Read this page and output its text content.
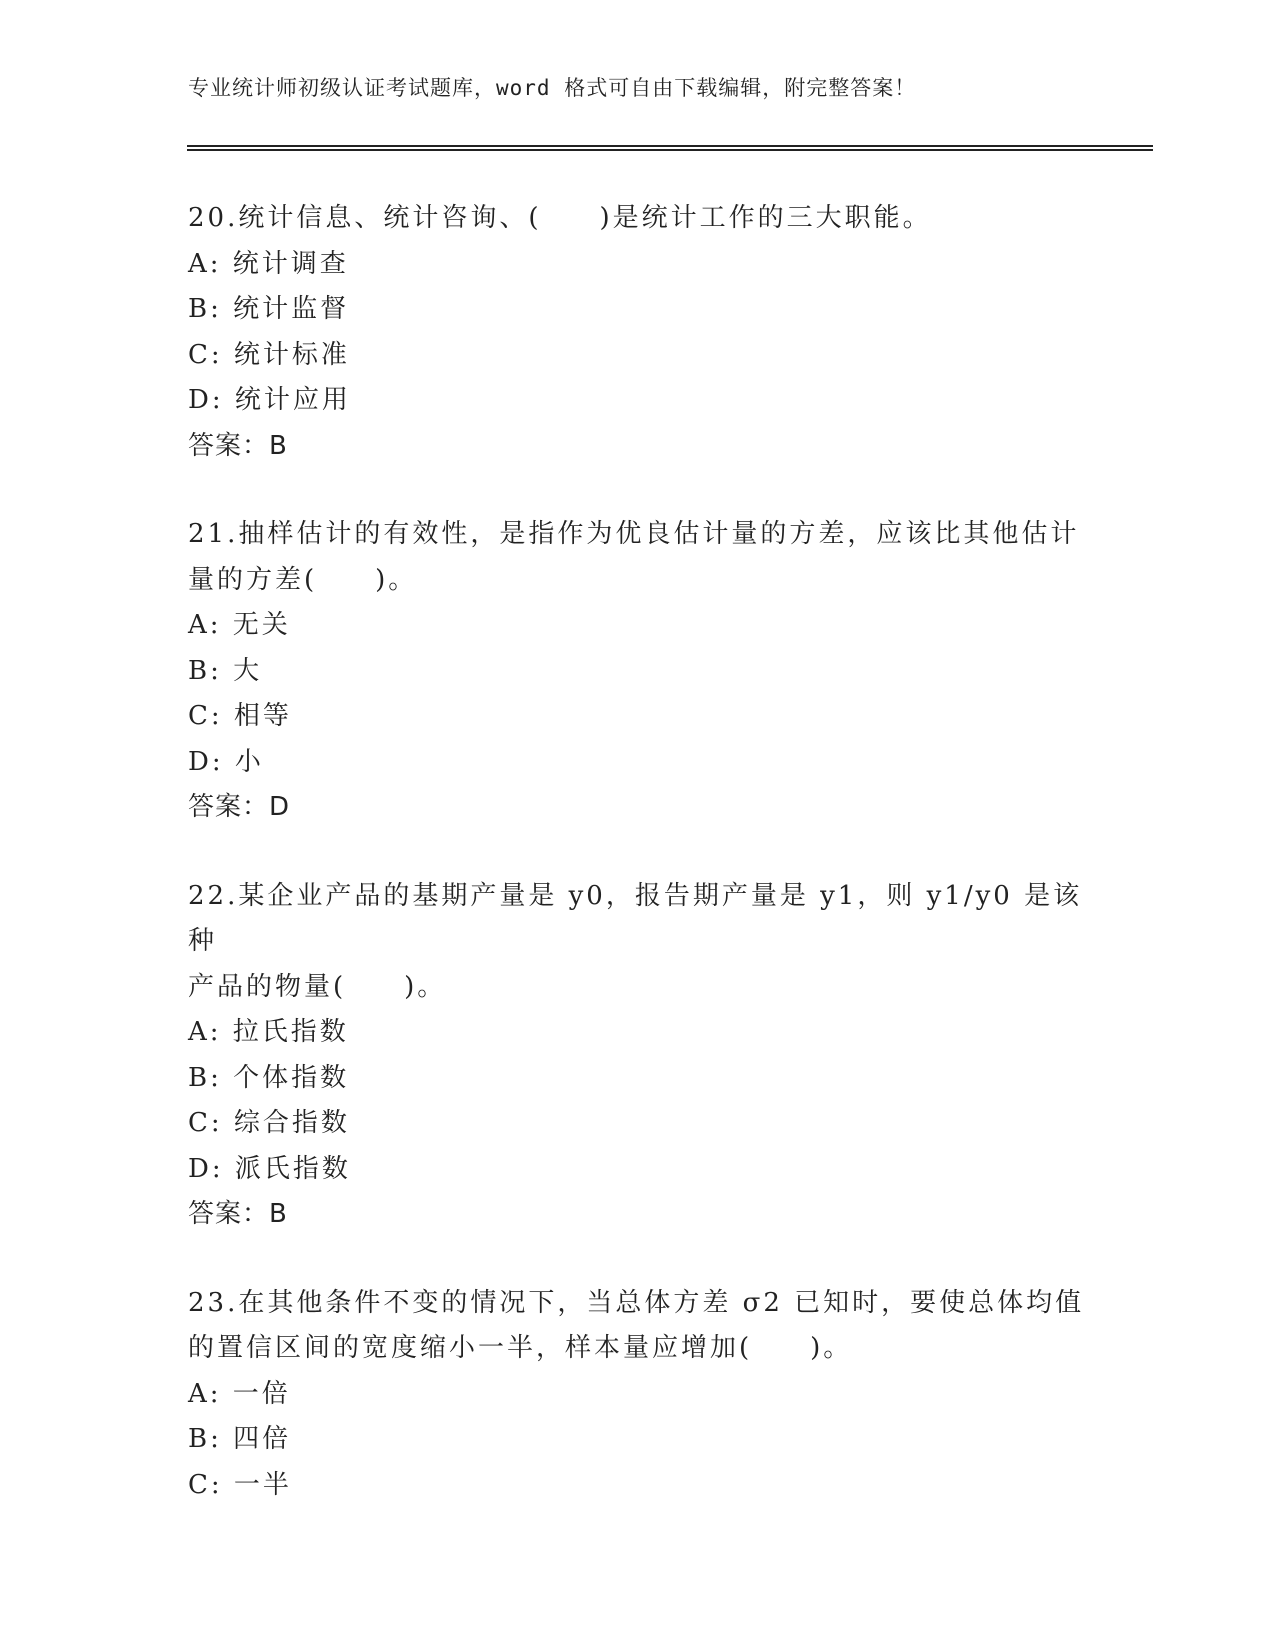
专业统计师初级认证考试题库，word 格式可自由下载编辑，附完整答案！
20.统计信息、统计咨询、(　　)是统计工作的三大职能。
A: 统计调查
B: 统计监督
C: 统计标准
D: 统计应用
答案：B
21.抽样估计的有效性，是指作为优良估计量的方差，应该比其他估计
量的方差(　　)。
A: 无关
B: 大
C: 相等
D: 小
答案：D
22.某企业产品的基期产量是 y0，报告期产量是 y1，则 y1/y0 是该种
产品的物量(　　)。
A: 拉氏指数
B: 个体指数
C: 综合指数
D: 派氏指数
答案：B
23.在其他条件不变的情况下，当总体方差 σ2 已知时，要使总体均值
的置信区间的宽度缩小一半，样本量应增加(　　)。
A: 一倍
B: 四倍
C: 一半
